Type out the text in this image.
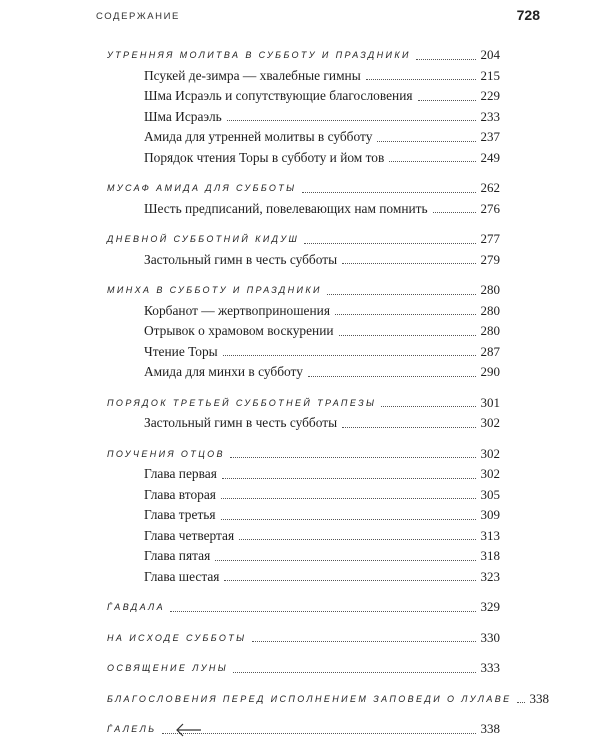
СОДЕРЖАНИЕ	728
УТРЕННЯЯ МОЛИТВА В СУББОТУ И ПРАЗДНИКИ	204
Псукей де-зимра — хвалебные гимны	215
Шма Исраэль и сопутствующие благословения	229
Шма Исраэль	233
Амида для утренней молитвы в субботу	237
Порядок чтения Торы в субботу и йом тов	249
МУСАФ АМИДА ДЛЯ СУББОТЫ	262
Шесть предписаний, повелевающих нам помнить	276
ДНЕВНОЙ СУББОТНИЙ КИДУШ	277
Застольный гимн в честь субботы	279
МИНХА В СУББОТУ И ПРАЗДНИКИ	280
Корбанот — жертвоприношения	280
Отрывок о храмовом воскурении	280
Чтение Торы	287
Амида для минхи в субботу	290
ПОРЯДОК ТРЕТЬЕЙ СУББОТНЕЙ ТРАПЕЗЫ	301
Застольный гимн в честь субботы	302
ПОУЧЕНИЯ ОТЦОВ	302
Глава первая	302
Глава вторая	305
Глава третья	309
Глава четвертая	313
Глава пятая	318
Глава шестая	323
ЃАВДАЛА	329
НА ИСХОДЕ СУББОТЫ	330
ОСВЯЩЕНИЕ ЛУНЫ	333
БЛАГОСЛОВЕНИЯ ПЕРЕД ИСПОЛНЕНИЕМ ЗАПОВЕДИ О ЛУЛАВЕ 338
ЃАЛЕЛЬ	338
